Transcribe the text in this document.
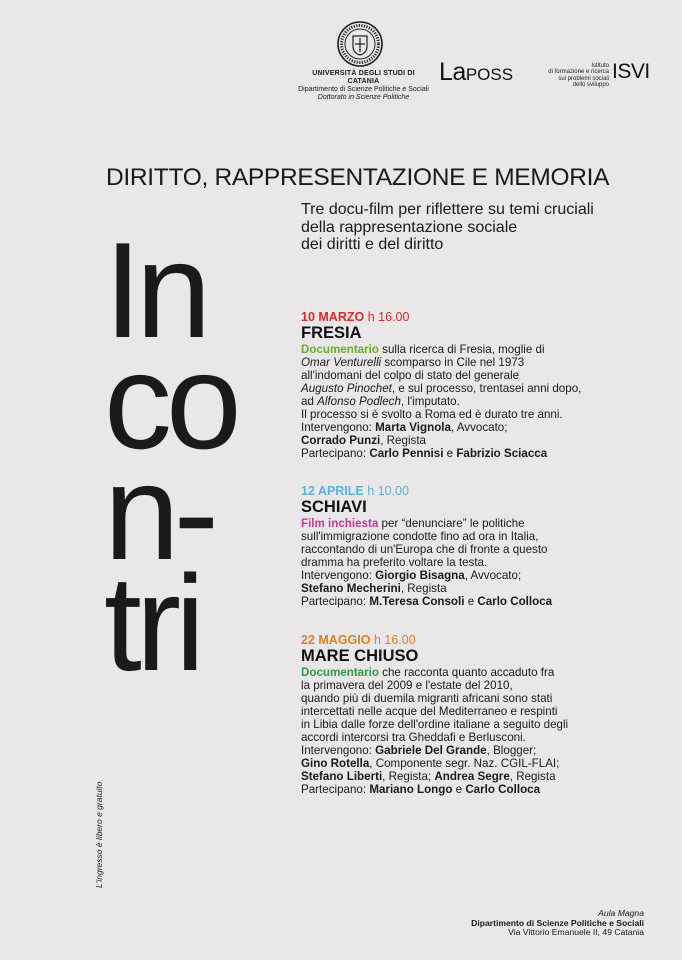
UNIVERSITÀ DEGLI STUDI DI CATANIA
Dipartimento di Scienze Politiche e Sociali
Dottorato in Scienze Politiche
LaPOSS	Istituto
di formazione e ricerca
sui problemi sociali
dello sviluppo
ISVI
DIRITTO, RAPPRESENTAZIONE E MEMORIA
Tre docu-film per riflettere su temi cruciali
della rappresentazione sociale
dei diritti e del diritto
In
co
n-
tri
L'ingresso è libero e gratuito
10 MARZO h 16.00
FRESIA

Documentario sulla ricerca di Fresia, moglie di
Omar Venturelli scomparso in Cile nel 1973
all'indomani del colpo di stato del generale
Augusto Pinochet, e sul processo, trentasei anni dopo,
ad Alfonso Podlech, l'imputato.
Il processo si è svolto a Roma ed è durato tre anni.

Intervengono: Marta Vignola, Avvocato;
Corrado Punzi, Regista

Partecipano: Carlo Pennisi e Fabrizio Sciacca

12 APRILE h 10.00
SCHIAVI

Film inchiesta per “denunciare” le politiche
sull'immigrazione condotte fino ad ora in Italia,
raccontando di un'Europa che di fronte a questo
dramma ha preferito voltare la testa.

Intervengono: Giorgio Bisagna, Avvocato;
Stefano Mecherini, Regista

Partecipano: M.Teresa Consoli e Carlo Colloca

22 MAGGIO h 16.00
MARE CHIUSO

Documentario che racconta quanto accaduto fra
la primavera del 2009 e l'estate del 2010,
quando più di duemila migranti africani sono stati
intercettati nelle acque del Mediterraneo e respinti
in Libia dalle forze dell'ordine italiane a seguito degli
accordi intercorsi tra Gheddafi e Berlusconi.

Intervengono: Gabriele Del Grande, Blogger;
Gino Rotella, Componente segr. Naz. CGIL-FLAI;
Stefano Liberti, Regista; Andrea Segre, Regista

Partecipano: Mariano Longo e Carlo Colloca

Aula Magna
Dipartimento di Scienze Politiche e Sociali
Via Vittorio Emanuele II, 49 Catania
